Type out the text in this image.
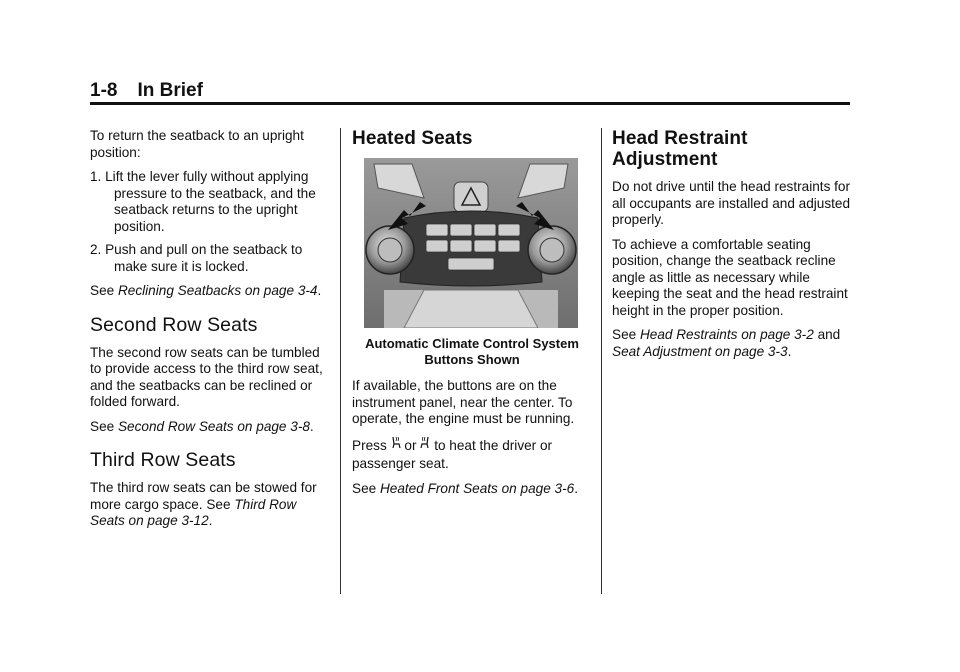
1-8 In Brief

To return the seatback to an upright position:

1. Lift the lever fully without applying pressure to the seatback, and the seatback returns to the upright position.
2. Push and pull on the seatback to make sure it is locked.

See Reclining Seatbacks on page 3-4.

Second Row Seats

The second row seats can be tumbled to provide access to the third row seat, and the seatbacks can be reclined or folded forward.

See Second Row Seats on page 3-8.

Third Row Seats

The third row seats can be stowed for more cargo space. See Third Row Seats on page 3-12.

Heated Seats
Automatic Climate Control System
Buttons Shown

If available, the buttons are on the instrument panel, near the center. To operate, the engine must be running.

Press or to heat the driver or passenger seat.

See Heated Front Seats on page 3-6.

Head Restraint Adjustment

Do not drive until the head restraints for all occupants are installed and adjusted properly.

To achieve a comfortable seating position, change the seatback recline angle as little as necessary while keeping the seat and the head restraint height in the proper position.

See Head Restraints on page 3-2 and Seat Adjustment on page 3-3.
